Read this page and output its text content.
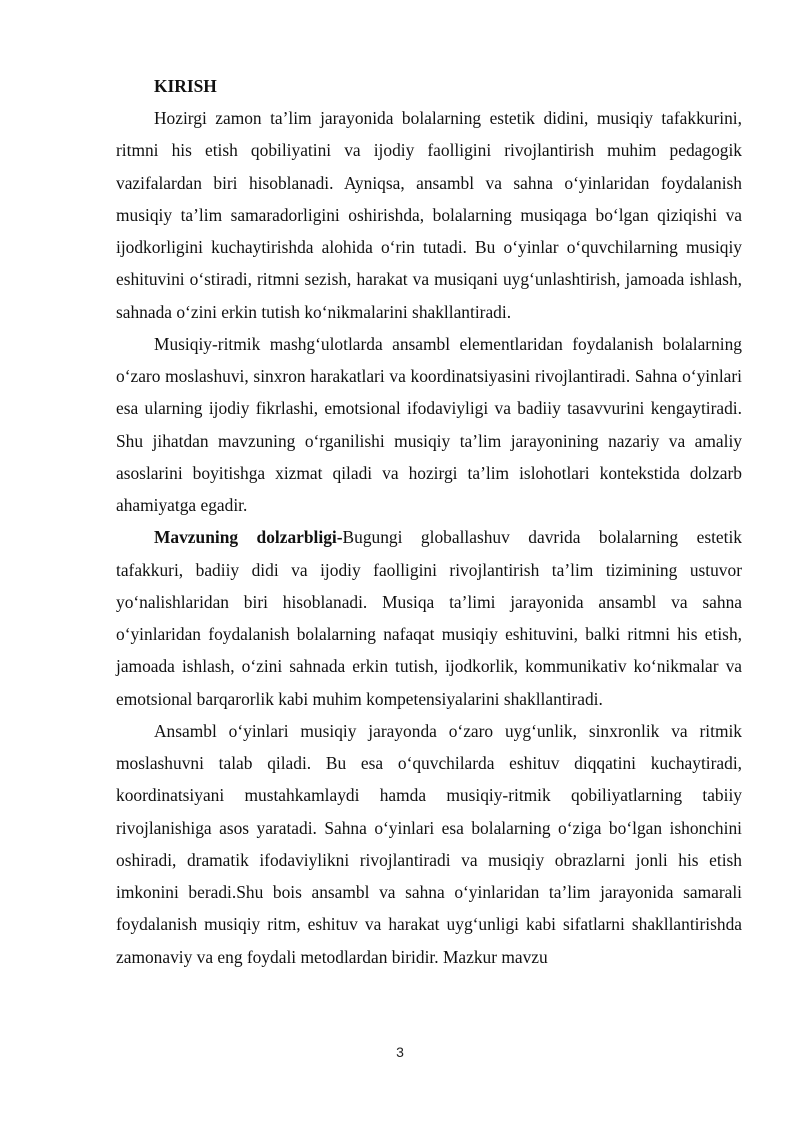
KIRISH

Hozirgi zamon ta’lim jarayonida bolalarning estetik didini, musiqiy tafakkurini, ritmni his etish qobiliyatini va ijodiy faolligini rivojlantirish muhim pedagogik vazifalardan biri hisoblanadi. Ayniqsa, ansambl va sahna o‘yinlaridan foydalanish musiqiy ta’lim samaradorligini oshirishda, bolalarning musiqaga bo‘lgan qiziqishi va ijodkorligini kuchaytirishda alohida o‘rin tutadi. Bu o‘yinlar o‘quvchilarning musiqiy eshituvini o‘stiradi, ritmni sezish, harakat va musiqani uyg‘unlashtirish, jamoada ishlash, sahnada o‘zini erkin tutish ko‘nikmalarini shakllantiradi.

Musiqiy-ritmik mashg‘ulotlarda ansambl elementlaridan foydalanish bolalarning o‘zaro moslashuvi, sinxron harakatlari va koordinatsiyasini rivojlantiradi. Sahna o‘yinlari esa ularning ijodiy fikrlashi, emotsional ifodaviyligi va badiiy tasavvurini kengaytiradi. Shu jihatdan mavzuning o‘rganilishi musiqiy ta’lim jarayonining nazariy va amaliy asoslarini boyitishga xizmat qiladi va hozirgi ta’lim islohotlari kontekstida dolzarb ahamiyatga egadir.

Mavzuning dolzarbligi-Bugungi globallashuv davrida bolalarning estetik tafakkuri, badiiy didi va ijodiy faolligini rivojlantirish ta’lim tizimining ustuvor yo‘nalishlaridan biri hisoblanadi. Musiqa ta’limi jarayonida ansambl va sahna o‘yinlaridan foydalanish bolalarning nafaqat musiqiy eshituvini, balki ritmni his etish, jamoada ishlash, o‘zini sahnada erkin tutish, ijodkorlik, kommunikativ ko‘nikmalar va emotsional barqarorlik kabi muhim kompetensiyalarini shakllantiradi.

Ansambl o‘yinlari musiqiy jarayonda o‘zaro uyg‘unlik, sinxronlik va ritmik moslashuvni talab qiladi. Bu esa o‘quvchilarda eshituv diqqatini kuchaytiradi, koordinatsiyani mustahkamlaydi hamda musiqiy-ritmik qobiliyatlarning tabiiy rivojlanishiga asos yaratadi. Sahna o‘yinlari esa bolalarning o‘ziga bo‘lgan ishonchini oshiradi, dramatik ifodaviylikni rivojlantiradi va musiqiy obrazlarni jonli his etish imkonini beradi.Shu bois ansambl va sahna o‘yinlaridan ta’lim jarayonida samarali foydalanish musiqiy ritm, eshituv va harakat uyg‘unligi kabi sifatlarni shakllantirishda zamonaviy va eng foydali metodlardan biridir. Mazkur mavzu

3
